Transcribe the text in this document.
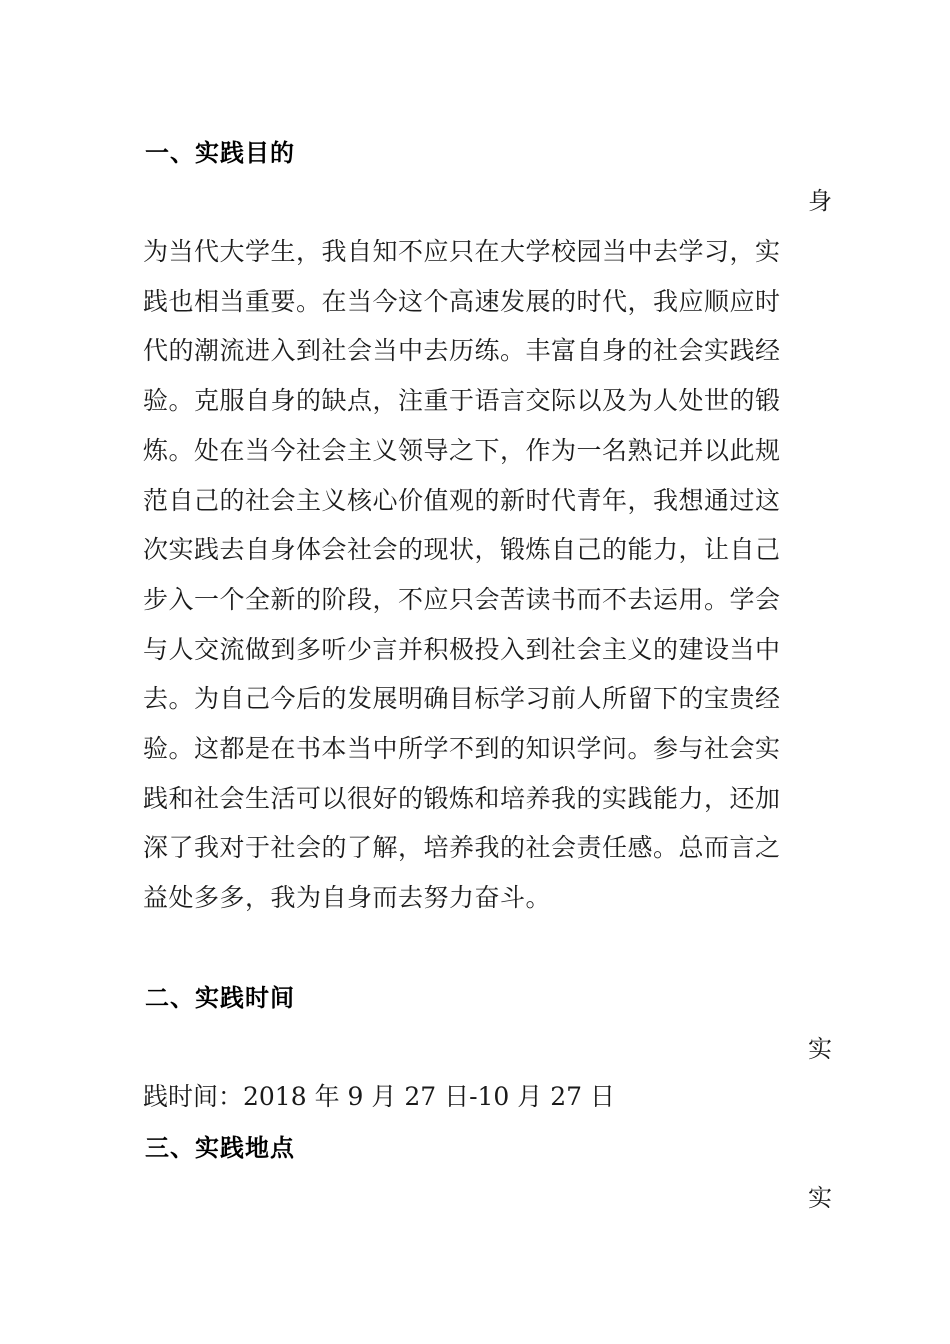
一、实践目的
身
为当代大学生，我自知不应只在大学校园当中去学习，实
践也相当重要。在当今这个高速发展的时代，我应顺应时
代的潮流进入到社会当中去历练。丰富自身的社会实践经
验。克服自身的缺点，注重于语言交际以及为人处世的锻
炼。处在当今社会主义领导之下，作为一名熟记并以此规
范自己的社会主义核心价值观的新时代青年，我想通过这
次实践去自身体会社会的现状，锻炼自己的能力，让自己
步入一个全新的阶段，不应只会苦读书而不去运用。学会
与人交流做到多听少言并积极投入到社会主义的建设当中
去。为自己今后的发展明确目标学习前人所留下的宝贵经
验。这都是在书本当中所学不到的知识学问。参与社会实
践和社会生活可以很好的锻炼和培养我的实践能力，还加
深了我对于社会的了解，培养我的社会责任感。总而言之
益处多多，我为自身而去努力奋斗。
二、实践时间
实
践时间：2018 年 9 月 27 日-10 月 27 日
三、实践地点
实
